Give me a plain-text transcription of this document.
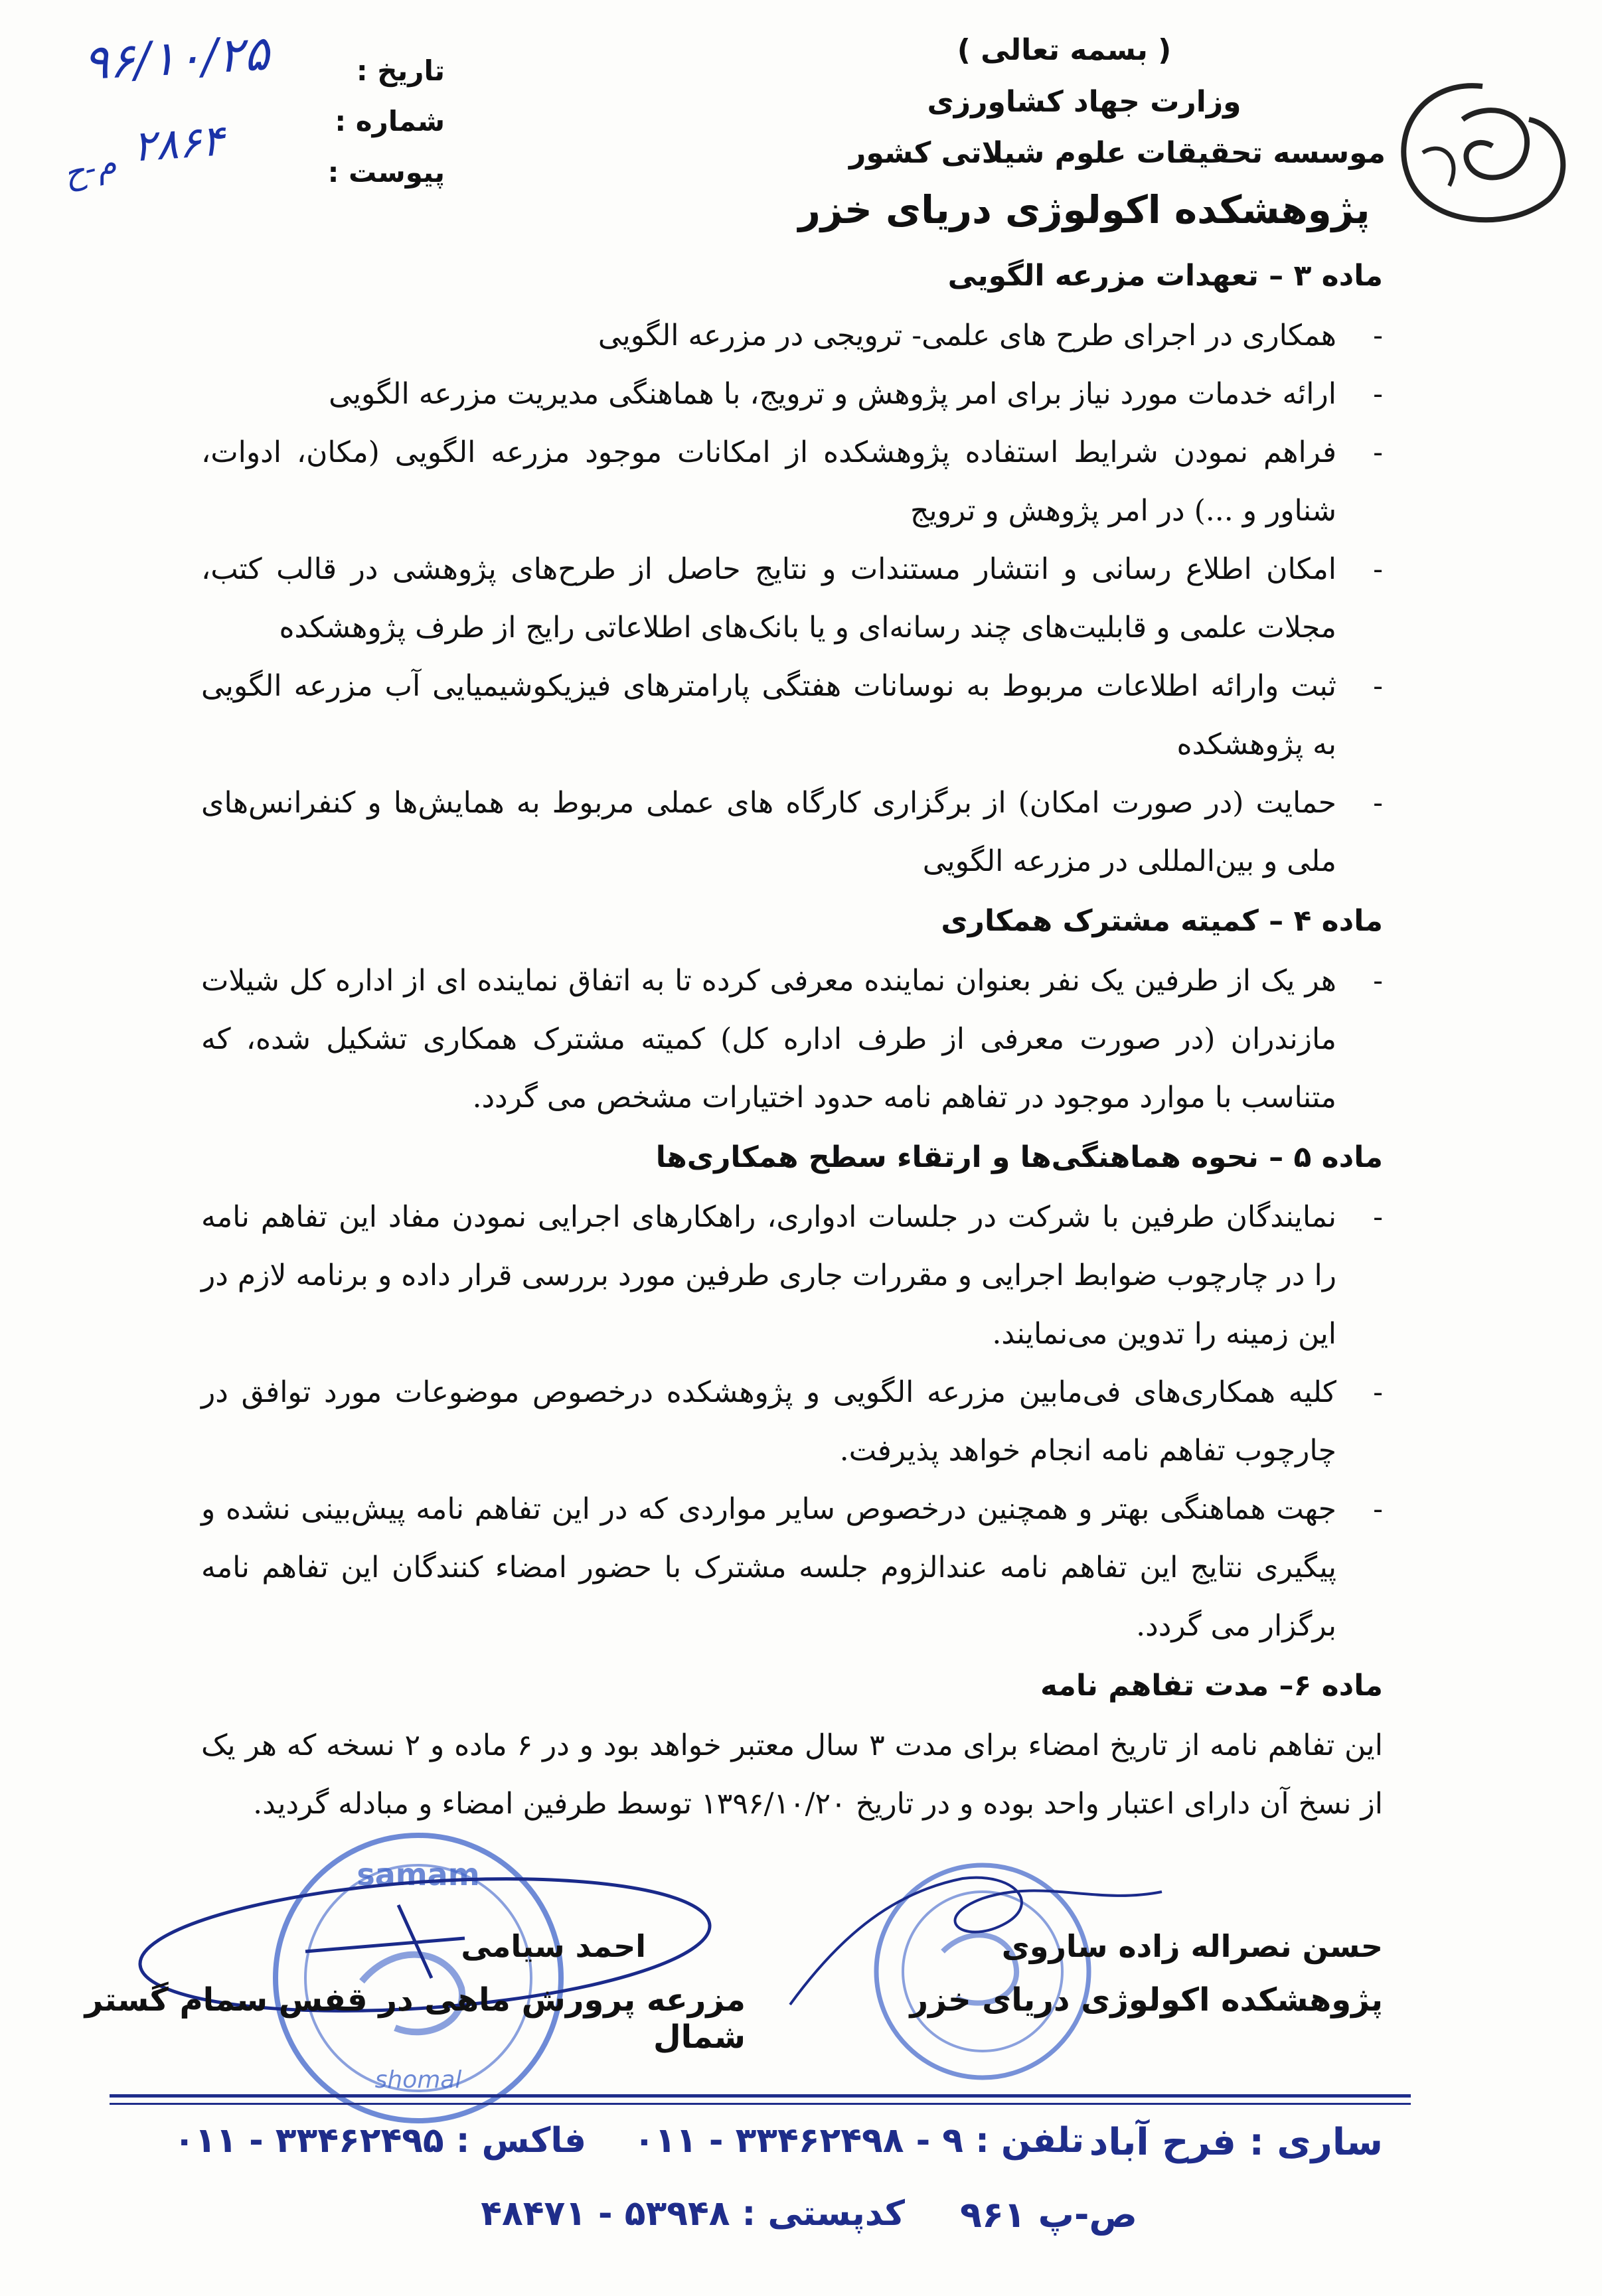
( بسمه تعالی )
وزارت جهاد کشاورزی
موسسه تحقیقات علوم شیلاتی کشور
پژوهشکده اکولوژی دریای خزر
تاریخ :
شماره :
پیوست :
۹۶/۱۰/۲۵
۲۸۶۴
م-ح
ماده ۳ – تعهدات مزرعه الگویی
- همکاری در اجرای طرح های علمی- ترویجی در مزرعه الگویی
- ارائه خدمات مورد نیاز برای امر پژوهش و ترویج، با هماهنگی مدیریت مزرعه الگویی
- فراهم نمودن شرایط استفاده پژوهشکده از امکانات موجود مزرعه الگویی (مکان، ادوات، شناور و ...) در امر پژوهش و ترویج
- امکان اطلاع رسانی و انتشار مستندات و نتایج حاصل از طرح‌های پژوهشی در قالب کتب، مجلات علمی و قابلیت‌های چند رسانه‌ای و یا بانک‌های اطلاعاتی رایج از طرف پژوهشکده
- ثبت وارائه اطلاعات مربوط به نوسانات هفتگی پارامترهای فیزیکوشیمیایی آب مزرعه الگویی به پژوهشکده
- حمایت (در صورت امکان) از برگزاری کارگاه های عملی مربوط به همایش‌ها و کنفرانس‌های ملی و بین‌المللی در مزرعه الگویی
ماده ۴ – کمیته مشترک همکاری
- هر یک از طرفین یک نفر بعنوان نماینده معرفی کرده تا به اتفاق نماینده ای از اداره کل شیلات مازندران (در صورت معرفی از طرف اداره کل) کمیته مشترک همکاری تشکیل شده، که متناسب با موارد موجود در تفاهم نامه حدود اختیارات مشخص می گردد.
ماده ۵ – نحوه هماهنگی‌ها و ارتقاء سطح همکاری‌ها
- نمایندگان طرفین با شرکت در جلسات ادواری، راهکارهای اجرایی نمودن مفاد این تفاهم نامه را در چارچوب ضوابط اجرایی و مقررات جاری طرفین مورد بررسی قرار داده و برنامه لازم در این زمینه را تدوین می‌نمایند.
- کلیه همکاری‌های فی‌مابین مزرعه الگویی و پژوهشکده درخصوص موضوعات مورد توافق در چارچوب تفاهم نامه انجام خواهد پذیرفت.
- جهت هماهنگی بهتر و همچنین درخصوص سایر مواردی که در این تفاهم نامه پیش‌بینی نشده و پیگیری نتایج این تفاهم نامه عندالزوم جلسه مشترک با حضور امضاء کنندگان این تفاهم نامه برگزار می گردد.
ماده ۶– مدت تفاهم نامه
این تفاهم نامه از تاریخ امضاء برای مدت ۳ سال معتبر خواهد بود و در ۶ ماده و ۲ نسخه که هر یک از نسخ آن دارای اعتبار واحد بوده و در تاریخ ۱۳۹۶/۱۰/۲۰ توسط طرفین امضاء و مبادله گردید.
samam
shomal
حسن نصراله زاده ساروی
پژوهشکده اکولوژی دریای خزر
احمد سیامی
مزرعه پرورش ماهی در قفس سمام گستر شمال
ساری : فرح آباد
تلفن : ۹ - ۳۳۴۶۲۴۹۸ - ۰۱۱
فاکس : ۳۳۴۶۲۴۹۵ - ۰۱۱
ص-پ ۹۶۱
کدپستی : ۵۳۹۴۸ - ۴۸۴۷۱
